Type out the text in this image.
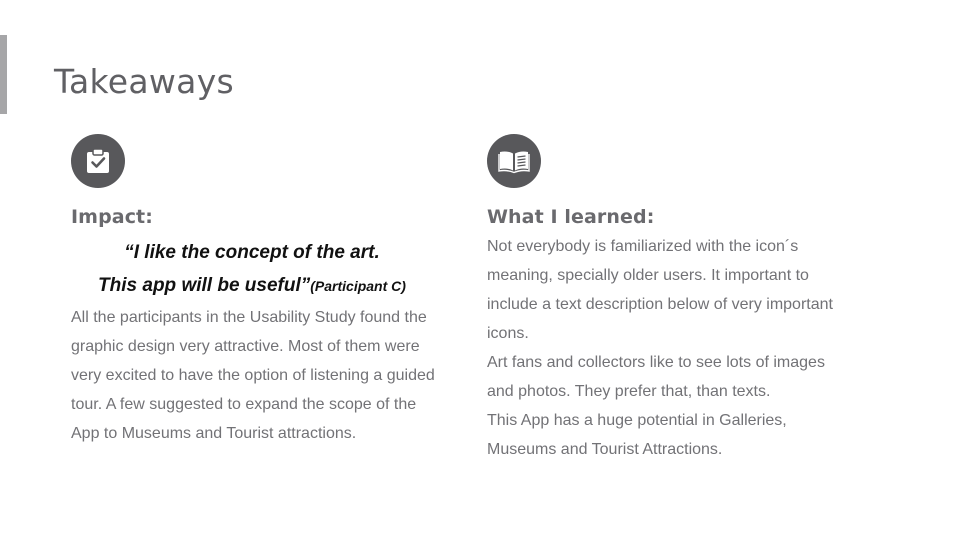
Takeaways
Impact:
“I like the concept of the art.
This app will be useful”(Participant C)
All the participants in the Usability Study found the graphic design very attractive. Most of them were very excited to have the option of listening a guided tour. A few suggested to expand the scope of the App to Museums and Tourist attractions.
What I learned:
Not everybody is familiarized with the icon´s meaning, specially older users. It important to include a text description below of very important icons.
Art fans and collectors like to see lots of images and photos. They prefer that, than texts.
This App has a huge potential in Galleries, Museums and Tourist Attractions.
